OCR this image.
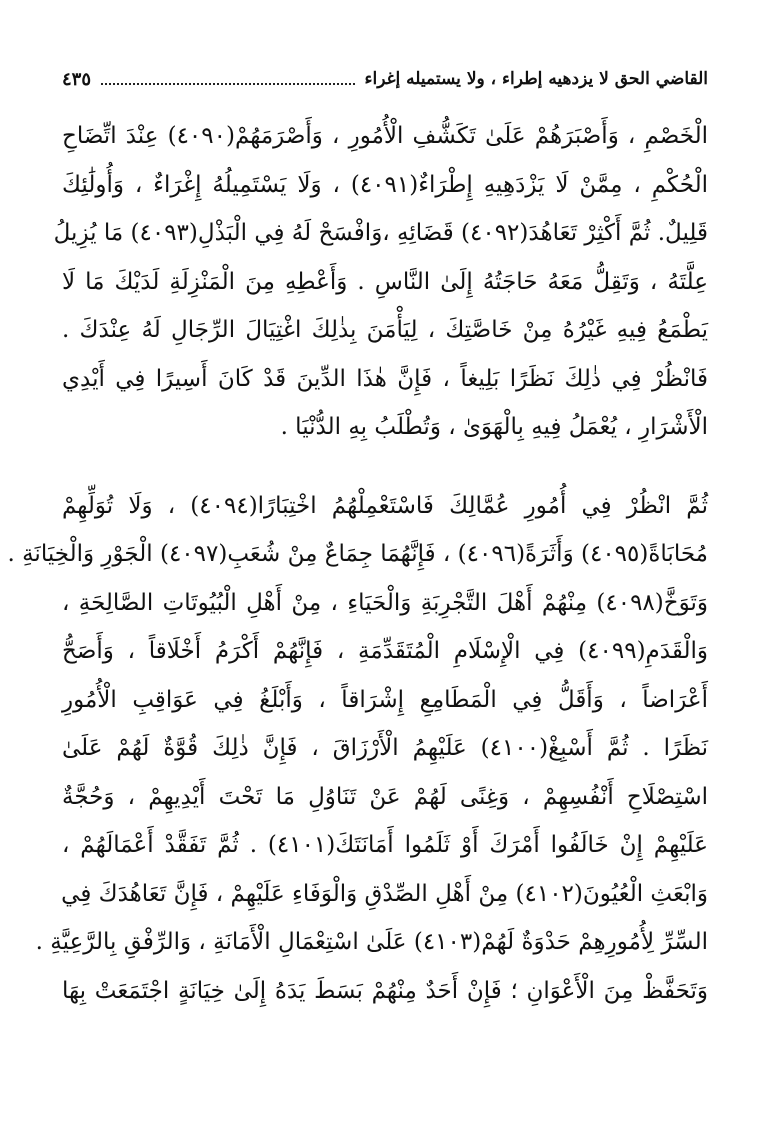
القاضي الحق لا يزدهيه إطراء ، ولا يستميله إغراء
٤٣٥
الْخَصْمِ ، وَأَصْبَرَهُمْ عَلَىٰ تَكَشُّفِ الْأُمُورِ ، وَأَصْرَمَهُمْ(٤٠٩٠) عِنْدَ اتِّضَاحِ
الْحُكْمِ ، مِمَّنْ لَا يَزْدَهِيهِ إِطْرَاءٌ(٤٠٩١) ، وَلَا يَسْتَمِيلُهُ إِغْرَاءٌ ، وَأُولَٰئِكَ
قَلِيلٌ. ثُمَّ أَكْثِرْ تَعَاهُدَ(٤٠٩٢) قَضَائِهِ ،وَافْسَحْ لَهُ فِي الْبَذْلِ(٤٠٩٣) مَا يُزِيلُ
عِلَّتَهُ ، وَتَقِلُّ مَعَهُ حَاجَتُهُ إِلَىٰ النَّاسِ . وَأَعْطِهِ مِنَ الْمَنْزِلَةِ لَدَيْكَ مَا لَا
يَطْمَعُ فِيهِ غَيْرُهُ مِنْ خَاصَّتِكَ ، لِيَأْمَنَ بِذٰلِكَ اغْتِيَالَ الرِّجَالِ لَهُ عِنْدَكَ .
فَانْظُرْ فِي ذٰلِكَ نَظَرًا بَلِيغاً ، فَإِنَّ هٰذَا الدِّينَ قَدْ كَانَ أَسِيرًا فِي أَيْدِي
الْأَشْرَارِ ، يُعْمَلُ فِيهِ بِالْهَوَىٰ ، وَتُطْلَبُ بِهِ الدُّنْيَا .
ثُمَّ انْظُرْ فِي أُمُورِ عُمَّالِكَ فَاسْتَعْمِلْهُمُ اخْتِبَارًا(٤٠٩٤) ، وَلَا تُوَلِّهِمْ
مُحَابَاةً(٤٠٩٥) وَأَثَرَةً(٤٠٩٦) ، فَإِنَّهُمَا جِمَاعٌ مِنْ شُعَبِ(٤٠٩٧) الْجَوْرِ وَالْخِيَانَةِ .
وَتَوَخَّ(٤٠٩٨) مِنْهُمْ أَهْلَ التَّجْرِبَةِ وَالْحَيَاءِ ، مِنْ أَهْلِ الْبُيُوتَاتِ الصَّالِحَةِ ،
وَالْقَدَمِ(٤٠٩٩) فِي الْإِسْلَامِ الْمُتَقَدِّمَةِ ، فَإِنَّهُمْ أَكْرَمُ أَخْلَاقاً ، وَأَصَحُّ
أَعْرَاضاً ، وَأَقَلُّ فِي الْمَطَامِعِ إِشْرَاقاً ، وَأَبْلَغُ فِي عَوَاقِبِ الْأُمُورِ
نَظَرًا . ثُمَّ أَسْبِغْ(٤١٠٠) عَلَيْهِمُ الْأَرْزَاقَ ، فَإِنَّ ذٰلِكَ قُوَّةٌ لَهُمْ عَلَىٰ
اسْتِصْلَاحِ أَنْفُسِهِمْ ، وَغِنًى لَهُمْ عَنْ تَنَاوُلِ مَا تَحْتَ أَيْدِيهِمْ ، وَحُجَّةٌ
عَلَيْهِمْ إِنْ خَالَفُوا أَمْرَكَ أَوْ ثَلَمُوا أَمَانَتَكَ(٤١٠١) . ثُمَّ تَفَقَّدْ أَعْمَالَهُمْ ،
وَابْعَثِ الْعُيُونَ(٤١٠٢) مِنْ أَهْلِ الصِّدْقِ وَالْوَفَاءِ عَلَيْهِمْ ، فَإِنَّ تَعَاهُدَكَ فِي
السِّرِّ لِأُمُورِهِمْ حَدْوَةٌ لَهُمْ(٤١٠٣) عَلَىٰ اسْتِعْمَالِ الْأَمَانَةِ ، وَالرِّفْقِ بِالرَّعِيَّةِ .
وَتَحَفَّظْ مِنَ الْأَعْوَانِ ؛ فَإِنْ أَحَدٌ مِنْهُمْ بَسَطَ يَدَهُ إِلَىٰ خِيَانَةٍ اجْتَمَعَتْ بِهَا
